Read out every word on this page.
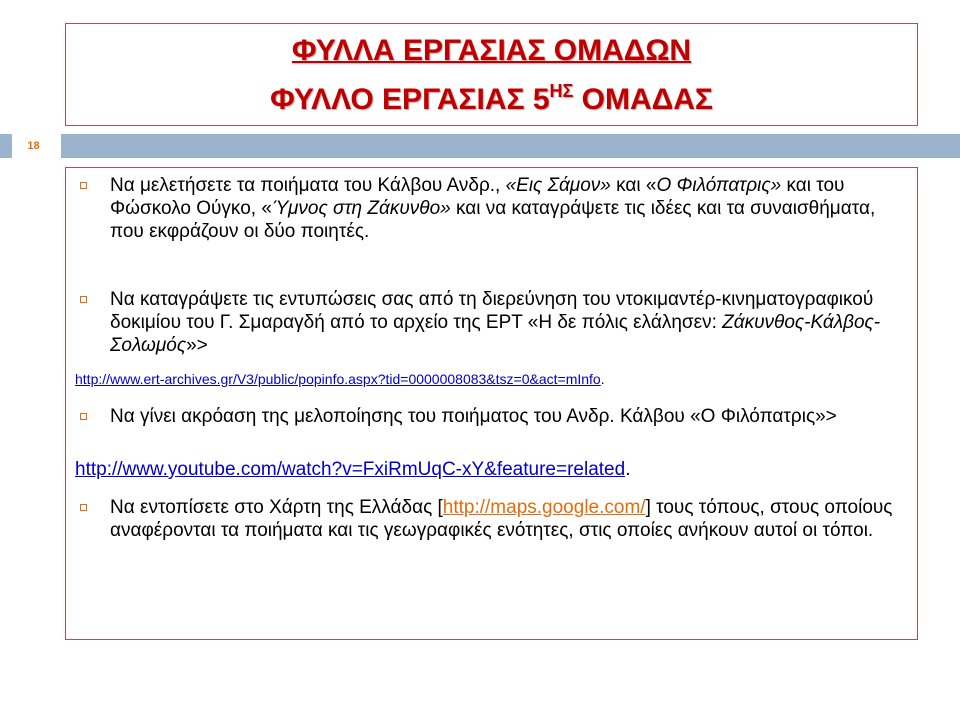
ΦΥΛΛΑ ΕΡΓΑΣΙΑΣ ΟΜΑΔΩΝ
ΦΥΛΛΟ ΕΡΓΑΣΙΑΣ $5^{H\Sigma}$ ΟΜΑΔΑΣ
18
Να μελετήσετε τα ποιήματα του Κάλβου Ανδρ., «Εις Σάμον» και «Ο Φιλόπατρις» και του Φώσκολο Ούγκο, «Ύμνος στη Ζάκυνθο» και να καταγράψετε τις ιδέες και τα συναισθήματα, που εκφράζουν οι δύο ποιητές.
Να καταγράψετε τις εντυπώσεις σας από τη διερεύνηση του ντοκιμαντέρ-κινηματογραφικού δοκιμίου του Γ. Σμαραγδή από το αρχείο της ΕΡΤ «Η δε πόλις ελάλησεν: Ζάκυνθος-Κάλβος-Σολωμός»>
http://www.ert-archives.gr/V3/public/popinfo.aspx?tid=0000008083&tsz=0&act=mInfo.
Να γίνει ακρόαση της μελοποίησης του ποιήματος του Ανδρ. Κάλβου «Ο Φιλόπατρις»>
http://www.youtube.com/watch?v=FxiRmUqC-xY&feature=related.
Να εντοπίσετε στο Χάρτη της Ελλάδας [http://maps.google.com/] τους τόπους, στους οποίους αναφέρονται τα ποιήματα και τις γεωγραφικές ενότητες, στις οποίες ανήκουν αυτοί οι τόποι.
